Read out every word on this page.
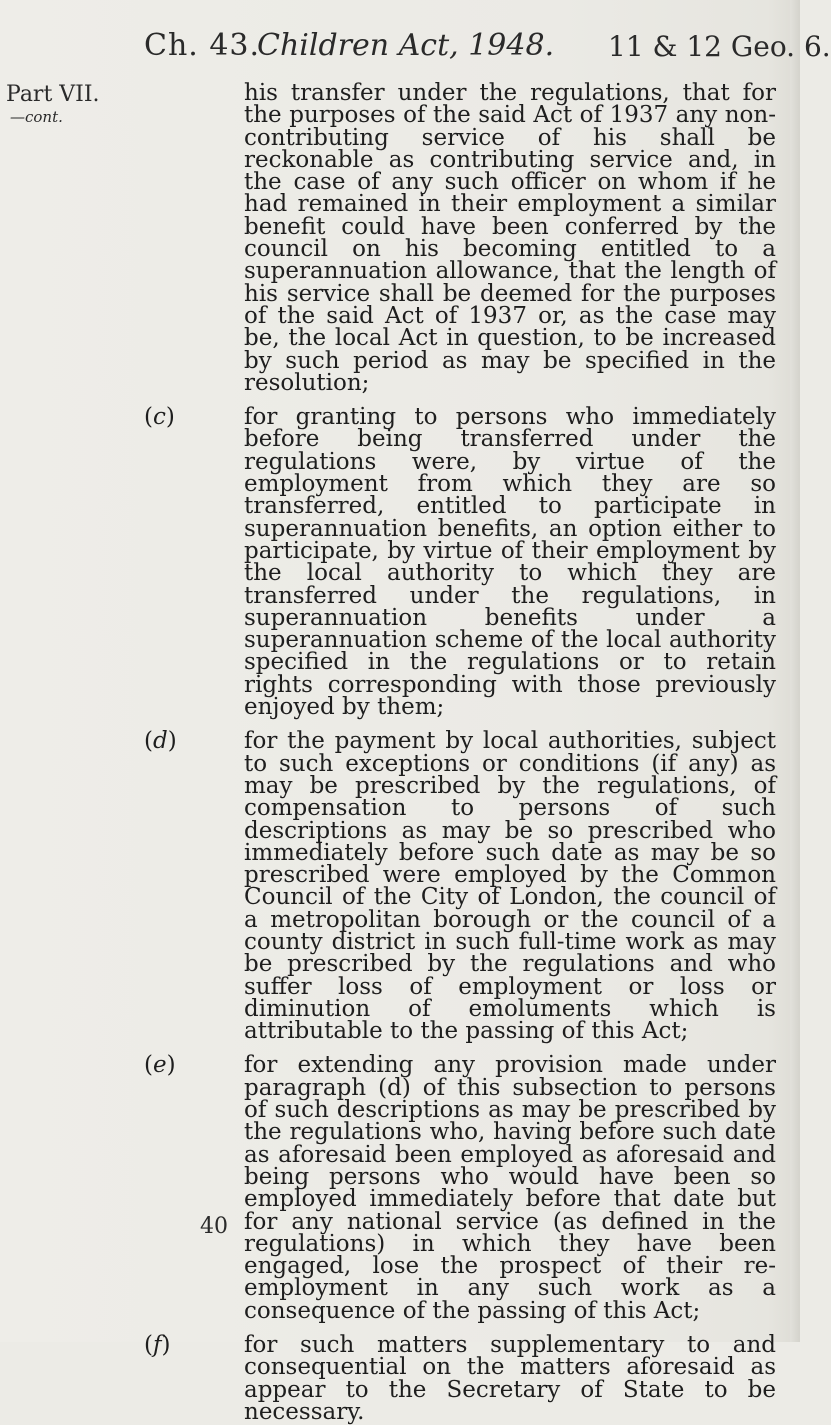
Ch. 43.
Children Act, 1948. 11 & 12 Geo. 6.
Part VII.
—cont.

his transfer under the regulations, that for the purposes of the said Act of 1937 any non-contributing service of his shall be reckonable as contributing service and, in the case of any such officer on whom if he had remained in their employment a similar benefit could have been conferred by the council on his becoming entitled to a superannuation allowance, that the length of his service shall be deemed for the purposes of the said Act of 1937 or, as the case may be, the local Act in question, to be increased by such period as may be specified in the resolution;

(c)	for granting to persons who immediately before being transferred under the regulations were, by virtue of the employment from which they are so transferred, entitled to participate in superannuation benefits, an option either to participate, by virtue of their employment by the local authority to which they are transferred under the regulations, in superannuation benefits under a superannuation scheme of the local authority specified in the regulations or to retain rights corresponding with those previously enjoyed by them;

(d)	for the payment by local authorities, subject to such exceptions or conditions (if any) as may be prescribed by the regulations, of compensation to persons of such descriptions as may be so prescribed who immediately before such date as may be so prescribed were employed by the Common Council of the City of London, the council of a metropolitan borough or the council of a county district in such full-time work as may be prescribed by the regulations and who suffer loss of employment or loss or diminution of emoluments which is attributable to the passing of this Act;

(e)	for extending any provision made under paragraph (d) of this subsection to persons of such descriptions as may be prescribed by the regulations who, having before such date as aforesaid been employed as aforesaid and being persons who would have been so employed immediately before that date but for any national service (as defined in the regulations) in which they have been engaged, lose the prospect of their re-employment in any such work as a consequence of the passing of this Act;

(f)	for such matters supplementary to and consequential on the matters aforesaid as appear to the Secretary of State to be necessary.

40
